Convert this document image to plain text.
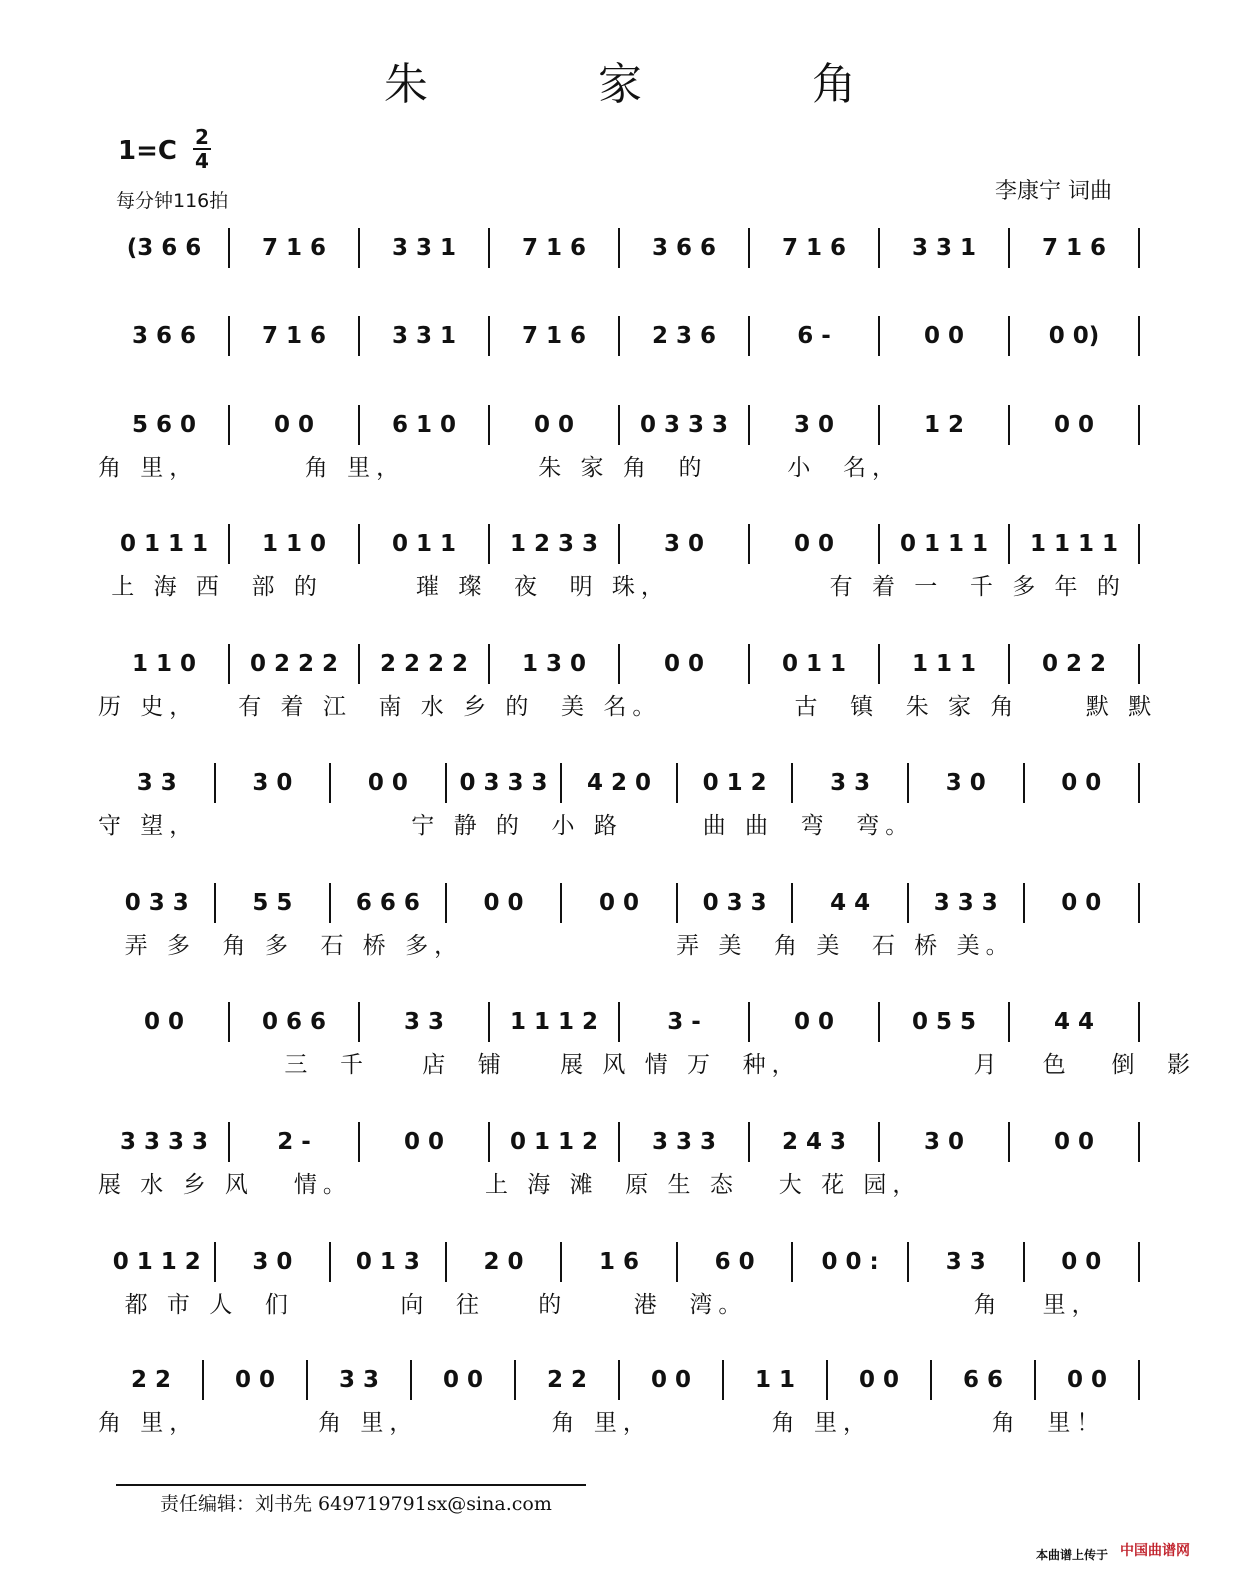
朱 家 角
1=C 2
4
每分钟116拍	李康宁 词曲
(3 6 6	7 1 6	3 3 1	7 1 6	3 6 6	7 1 6	3 3 1	7 1 6
3 6 6	7 1 6	3 3 1	7 1 6	2 3 6	6 -	0 0	0 0)
5 6 0	0 0	6 1 0	0 0	0 3 3 3	3 0	1 2	0 0
角 里，        角 里，          朱 家 角  的      小  名，
0 1 1 1	1 1 0	0 1 1	1 2 3 3	3 0	0 0	0 1 1 1	1 1 1 1
上 海 西  部 的       璀 璨  夜  明 珠，            有 着 一  千 多 年 的
1 1 0	0 2 2 2	2 2 2 2	1 3 0	0 0	0 1 1	1 1 1	0 2 2
历 史，   有 着 江  南 水 乡 的  美 名。          古  镇  朱 家 角     默 默
3 3	3 0	0 0	0 3 3 3	4 2 0	0 1 2	3 3	3 0	0 0
守 望，                宁 静 的  小 路      曲 曲  弯  弯。
0 3 3	5 5	6 6 6	0 0	0 0	0 3 3	4 4	3 3 3	0 0
弄 多  角 多  石 桥 多，                弄 美  角 美  石 桥 美。
0 0	0 6 6	3 3	1 1 1 2	3 -	0 0	0 5 5	4 4
三  千    店  铺    展 风 情 万  种，             月   色   倒  影
3 3 3 3	2 -	0 0	0 1 1 2	3 3 3	2 4 3	3 0	0 0
展 水 乡 风   情。          上 海 滩  原 生 态   大 花 园，
0 1 1 2	3 0	0 1 3	2 0	1 6	6 0	0 0 :	3 3	0 0
都 市 人  们        向  往    的     港  湾。                 角   里，
2 2	0 0	3 3	0 0	2 2	0 0	1 1	0 0	6 6	0 0
角 里，         角 里，          角 里，         角 里，         角  里！
责任编辑：刘书先 649719791sx@sina.com
本曲谱上传于 中国曲谱网
